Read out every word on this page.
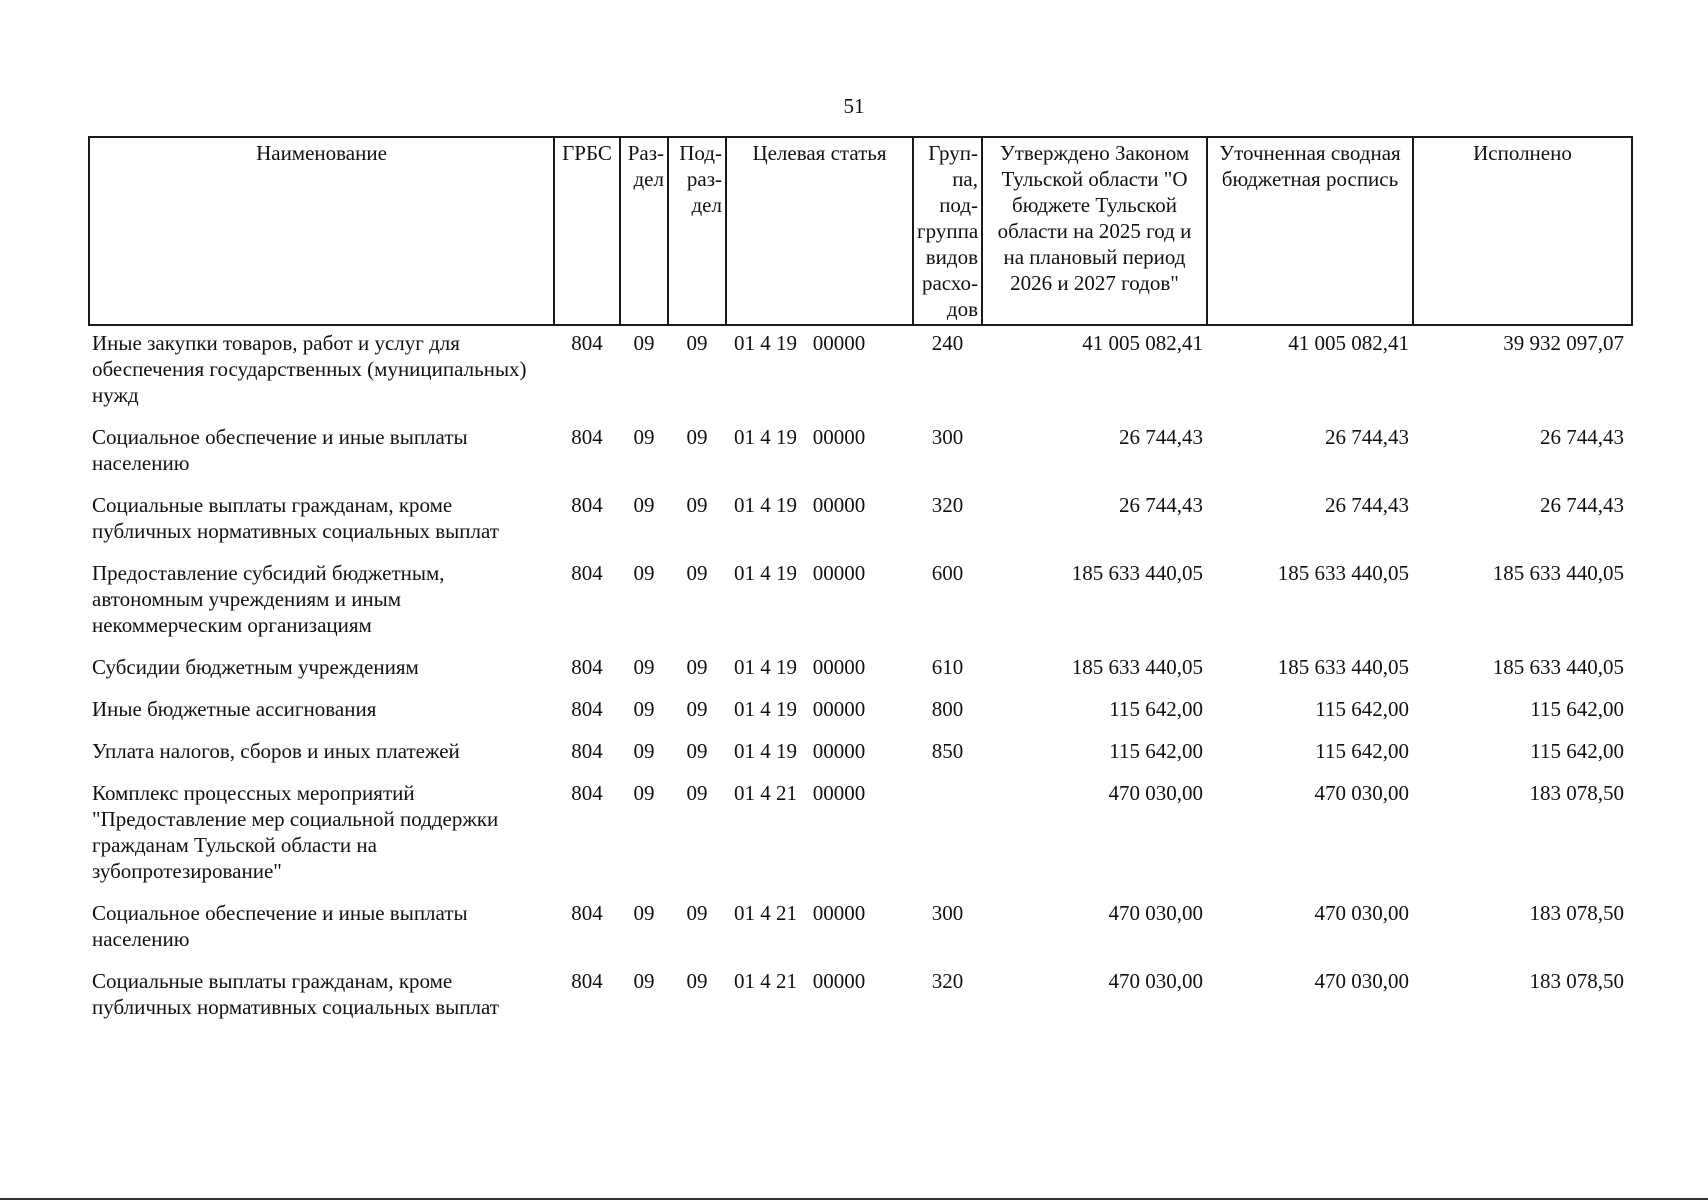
51
Наименование	ГРБС	Раз-дел	Под-раз-дел	Целевая статья	Груп-па, под-группа видов расхо-дов	Утверждено Законом Тульской области "О бюджете Тульской области на 2025 год и на плановый период 2026 и 2027 годов"	Уточненная сводная бюджетная роспись	Исполнено
Иные закупки товаров, работ и услуг для обеспечения государственных (муниципальных) нужд	804	09	09	01 4 19   00000	240	41 005 082,41	41 005 082,41	39 932 097,07
Социальное обеспечение и иные выплаты населению	804	09	09	01 4 19   00000	300	26 744,43	26 744,43	26 744,43
Социальные выплаты гражданам, кроме публичных нормативных социальных выплат	804	09	09	01 4 19   00000	320	26 744,43	26 744,43	26 744,43
Предоставление субсидий бюджетным, автономным учреждениям и иным некоммерческим организациям	804	09	09	01 4 19   00000	600	185 633 440,05	185 633 440,05	185 633 440,05
Субсидии бюджетным учреждениям	804	09	09	01 4 19   00000	610	185 633 440,05	185 633 440,05	185 633 440,05
Иные бюджетные ассигнования	804	09	09	01 4 19   00000	800	115 642,00	115 642,00	115 642,00
Уплата налогов, сборов и иных платежей	804	09	09	01 4 19   00000	850	115 642,00	115 642,00	115 642,00
Комплекс процессных мероприятий "Предоставление мер социальной поддержки гражданам Тульской области на зубопротезирование"	804	09	09	01 4 21   00000		470 030,00	470 030,00	183 078,50
Социальное обеспечение и иные выплаты населению	804	09	09	01 4 21   00000	300	470 030,00	470 030,00	183 078,50
Социальные выплаты гражданам, кроме публичных нормативных социальных выплат	804	09	09	01 4 21   00000	320	470 030,00	470 030,00	183 078,50
